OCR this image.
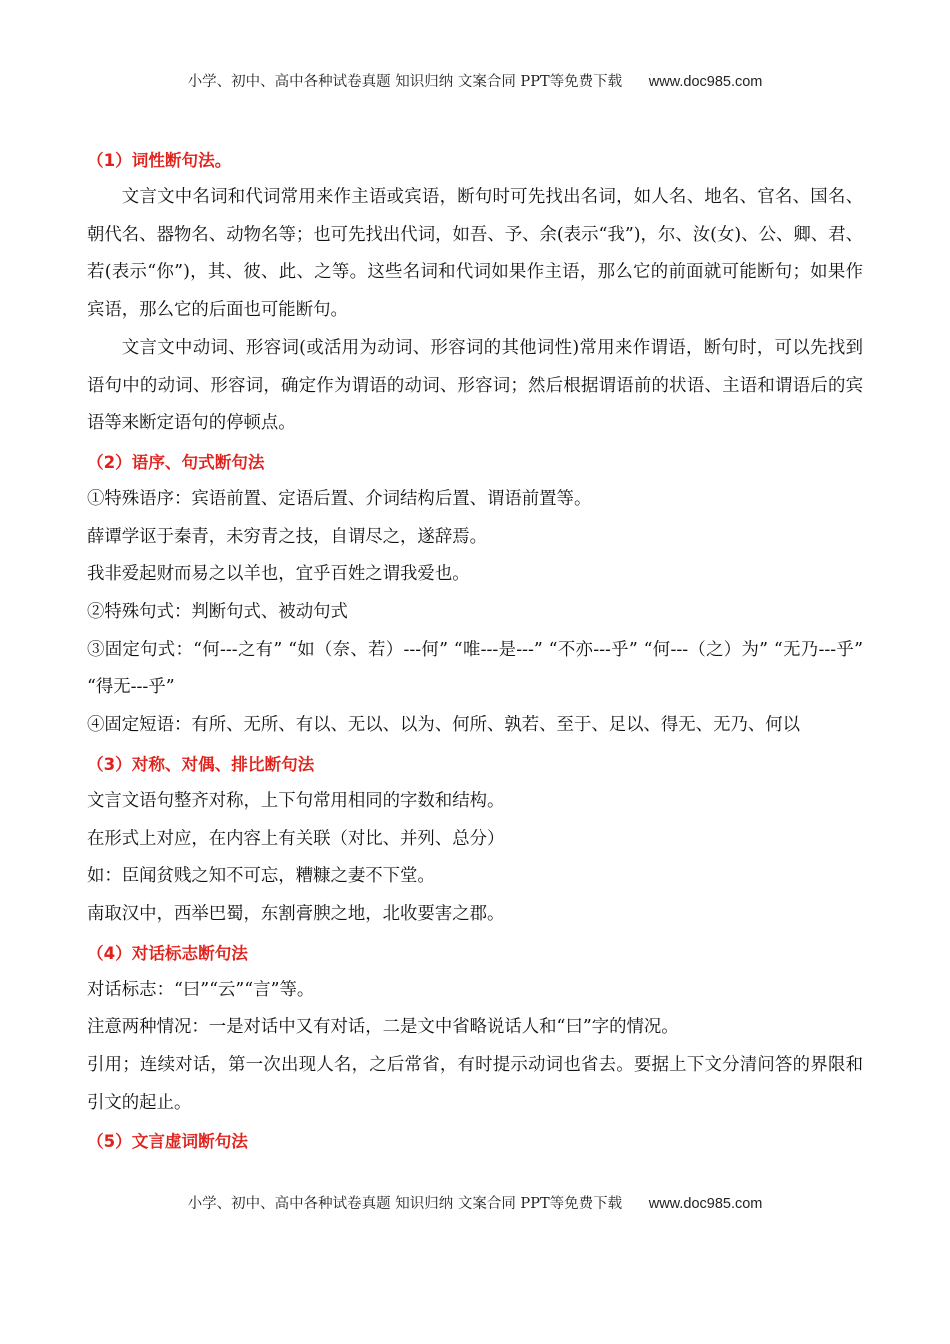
小学、初中、高中各种试卷真题 知识归纳 文案合同 PPT等免费下载 www.doc985.com
（1）词性断句法。

文言文中名词和代词常用来作主语或宾语，断句时可先找出名词，如人名、地名、官名、国名、朝代名、器物名、动物名等；也可先找出代词，如吾、予、余(表示“我”)，尔、汝(女)、公、卿、君、若(表示“你”)，其、彼、此、之等。这些名词和代词如果作主语，那么它的前面就可能断句；如果作宾语，那么它的后面也可能断句。

文言文中动词、形容词(或活用为动词、形容词的其他词性)常用来作谓语，断句时，可以先找到语句中的动词、形容词，确定作为谓语的动词、形容词；然后根据谓语前的状语、主语和谓语后的宾语等来断定语句的停顿点。

（2）语序、句式断句法

①特殊语序：宾语前置、定语后置、介词结构后置、谓语前置等。

薛谭学讴于秦青，未穷青之技，自谓尽之，遂辞焉。

我非爱起财而易之以羊也，宜乎百姓之谓我爱也。

②特殊句式：判断句式、被动句式

③固定句式：“何---之有” “如（奈、若）---何” “唯---是---” “不亦---乎” “何---（之）为” “无乃---乎” “得无---乎”

④固定短语：有所、无所、有以、无以、以为、何所、孰若、至于、足以、得无、无乃、何以

（3）对称、对偶、排比断句法

文言文语句整齐对称，上下句常用相同的字数和结构。

在形式上对应，在内容上有关联（对比、并列、总分）

如：臣闻贫贱之知不可忘，糟糠之妻不下堂。

南取汉中，西举巴蜀，东割膏腴之地，北收要害之郡。

（4）对话标志断句法

对话标志：“曰”“云”“言”等。

注意两种情况：一是对话中又有对话，二是文中省略说话人和“曰”字的情况。

引用；连续对话，第一次出现人名，之后常省，有时提示动词也省去。要据上下文分清问答的界限和引文的起止。

（5）文言虚词断句法
小学、初中、高中各种试卷真题 知识归纳 文案合同 PPT等免费下载 www.doc985.com
